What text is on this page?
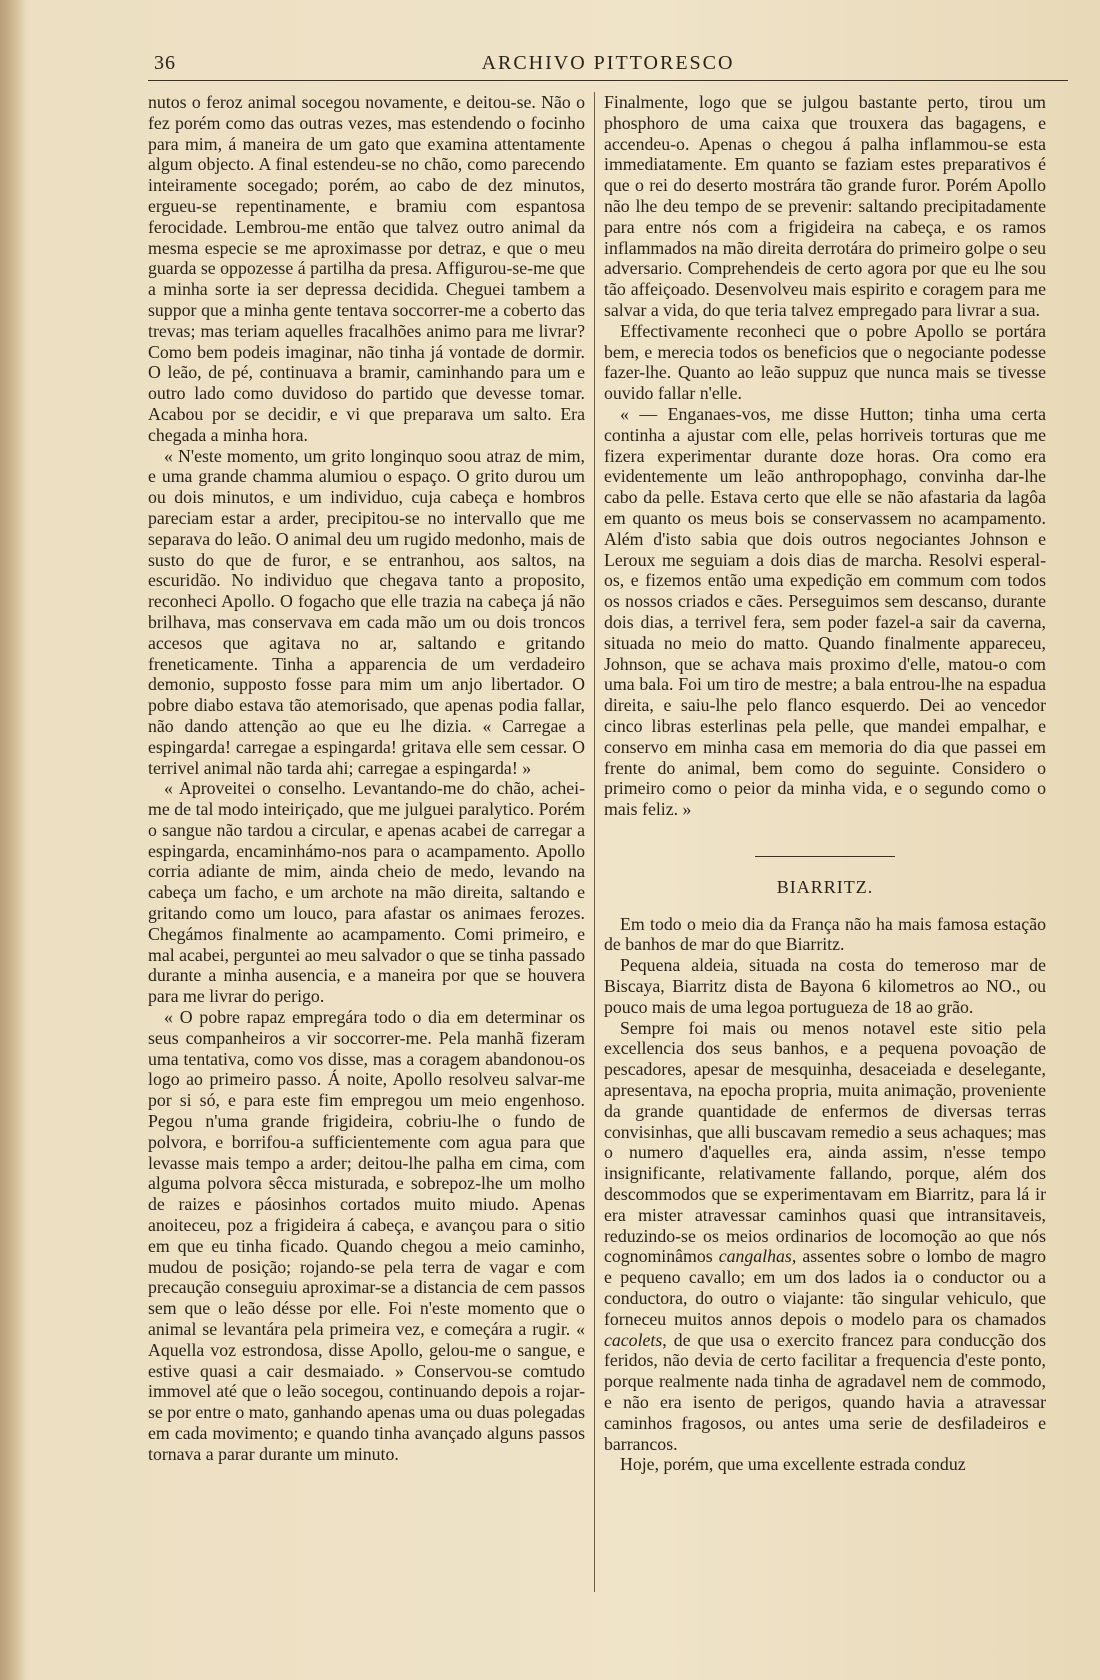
36	ARCHIVO PITTORESCO

nutos o feroz animal socegou novamente, e deitou-se. Não o fez porém como das outras vezes, mas estendendo o focinho para mim, á maneira de um gato que examina attentamente algum objecto. A final estendeu-se no chão, como parecendo inteiramente socegado; porém, ao cabo de dez minutos, ergueu-se repentinamente, e bramiu com espantosa ferocidade. Lembrou-me então que talvez outro animal da mesma especie se me aproximasse por detraz, e que o meu guarda se oppozesse á partilha da presa. Affigurou-se-me que a minha sorte ia ser depressa decidida. Cheguei tambem a suppor que a minha gente tentava soccorrer-me a coberto das trevas; mas teriam aquelles fracalhões animo para me livrar? Como bem podeis imaginar, não tinha já vontade de dormir. O leão, de pé, continuava a bramir, caminhando para um e outro lado como duvidoso do partido que devesse tomar. Acabou por se decidir, e vi que preparava um salto. Era chegada a minha hora.

« N'este momento, um grito longinquo soou atraz de mim, e uma grande chamma alumiou o espaço. O grito durou um ou dois minutos, e um individuo, cuja cabeça e hombros pareciam estar a arder, precipitou-se no intervallo que me separava do leão. O animal deu um rugido medonho, mais de susto do que de furor, e se entranhou, aos saltos, na escuridão. No individuo que chegava tanto a proposito, reconheci Apollo. O fogacho que elle trazia na cabeça já não brilhava, mas conservava em cada mão um ou dois troncos accesos que agitava no ar, saltando e gritando freneticamente. Tinha a apparencia de um verdadeiro demonio, supposto fosse para mim um anjo libertador. O pobre diabo estava tão atemorisado, que apenas podia fallar, não dando attenção ao que eu lhe dizia. « Carregae a espingarda! carregae a espingarda! gritava elle sem cessar. O terrivel animal não tarda ahi; carregae a espingarda! »

« Aproveitei o conselho. Levantando-me do chão, achei-me de tal modo inteiriçado, que me julguei paralytico. Porém o sangue não tardou a circular, e apenas acabei de carregar a espingarda, encaminhámo-nos para o acampamento. Apollo corria adiante de mim, ainda cheio de medo, levando na cabeça um facho, e um archote na mão direita, saltando e gritando como um louco, para afastar os animaes ferozes. Chegámos finalmente ao acampamento. Comi primeiro, e mal acabei, perguntei ao meu salvador o que se tinha passado durante a minha ausencia, e a maneira por que se houvera para me livrar do perigo.

« O pobre rapaz empregára todo o dia em determinar os seus companheiros a vir soccorrer-me. Pela manhã fizeram uma tentativa, como vos disse, mas a coragem abandonou-os logo ao primeiro passo. Á noite, Apollo resolveu salvar-me por si só, e para este fim empregou um meio engenhoso. Pegou n'uma grande frigideira, cobriu-lhe o fundo de polvora, e borrifou-a sufficientemente com agua para que levasse mais tempo a arder; deitou-lhe palha em cima, com alguma polvora sêcca misturada, e sobrepoz-lhe um molho de raizes e páosinhos cortados muito miudo. Apenas anoiteceu, poz a frigideira á cabeça, e avançou para o sitio em que eu tinha ficado. Quando chegou a meio caminho, mudou de posição; rojando-se pela terra de vagar e com precaução conseguiu aproximar-se a distancia de cem passos sem que o leão désse por elle. Foi n'este momento que o animal se levantára pela primeira vez, e começára a rugir. « Aquella voz estrondosa, disse Apollo, gelou-me o sangue, e estive quasi a cair desmaiado. » Conservou-se comtudo immovel até que o leão socegou, continuando depois a rojar-se por entre o mato, ganhando apenas uma ou duas polegadas em cada movimento; e quando tinha avançado alguns passos tornava a parar durante um minuto.

Finalmente, logo que se julgou bastante perto, tirou um phosphoro de uma caixa que trouxera das bagagens, e accendeu-o. Apenas o chegou á palha inflammou-se esta immediatamente. Em quanto se faziam estes preparativos é que o rei do deserto mostrára tão grande furor. Porém Apollo não lhe deu tempo de se prevenir: saltando precipitadamente para entre nós com a frigideira na cabeça, e os ramos inflammados na mão direita derrotára do primeiro golpe o seu adversario. Comprehendeis de certo agora por que eu lhe sou tão affeiçoado. Desenvolveu mais espirito e coragem para me salvar a vida, do que teria talvez empregado para livrar a sua.

Effectivamente reconheci que o pobre Apollo se portára bem, e merecia todos os beneficios que o negociante podesse fazer-lhe. Quanto ao leão suppuz que nunca mais se tivesse ouvido fallar n'elle.

« — Enganaes-vos, me disse Hutton; tinha uma certa continha a ajustar com elle, pelas horriveis torturas que me fizera experimentar durante doze horas. Ora como era evidentemente um leão anthropophago, convinha dar-lhe cabo da pelle. Estava certo que elle se não afastaria da lagôa em quanto os meus bois se conservassem no acampamento. Além d'isto sabia que dois outros negociantes Johnson e Leroux me seguiam a dois dias de marcha. Resolvi esperal-os, e fizemos então uma expedição em commum com todos os nossos criados e cães. Perseguimos sem descanso, durante dois dias, a terrivel fera, sem poder fazel-a sair da caverna, situada no meio do matto. Quando finalmente appareceu, Johnson, que se achava mais proximo d'elle, matou-o com uma bala. Foi um tiro de mestre; a bala entrou-lhe na espadua direita, e saiu-lhe pelo flanco esquerdo. Dei ao vencedor cinco libras esterlinas pela pelle, que mandei empalhar, e conservo em minha casa em memoria do dia que passei em frente do animal, bem como do seguinte. Considero o primeiro como o peior da minha vida, e o segundo como o mais feliz. »

BIARRITZ.

Em todo o meio dia da França não ha mais famosa estação de banhos de mar do que Biarritz.

Pequena aldeia, situada na costa do temeroso mar de Biscaya, Biarritz dista de Bayona 6 kilometros ao NO., ou pouco mais de uma legoa portugueza de 18 ao grão.

Sempre foi mais ou menos notavel este sitio pela excellencia dos seus banhos, e a pequena povoação de pescadores, apesar de mesquinha, desaceiada e deselegante, apresentava, na epocha propria, muita animação, proveniente da grande quantidade de enfermos de diversas terras convisinhas, que alli buscavam remedio a seus achaques; mas o numero d'aquelles era, ainda assim, n'esse tempo insignificante, relativamente fallando, porque, além dos descommodos que se experimentavam em Biarritz, para lá ir era mister atravessar caminhos quasi que intransitaveis, reduzindo-se os meios ordinarios de locomoção ao que nós cognominâmos cangalhas, assentes sobre o lombo de magro e pequeno cavallo; em um dos lados ia o conductor ou a conductora, do outro o viajante: tão singular vehiculo, que forneceu muitos annos depois o modelo para os chamados cacolets, de que usa o exercito francez para conducção dos feridos, não devia de certo facilitar a frequencia d'este ponto, porque realmente nada tinha de agradavel nem de commodo, e não era isento de perigos, quando havia a atravessar caminhos fragosos, ou antes uma serie de desfiladeiros e barrancos.

Hoje, porém, que uma excellente estrada conduz
